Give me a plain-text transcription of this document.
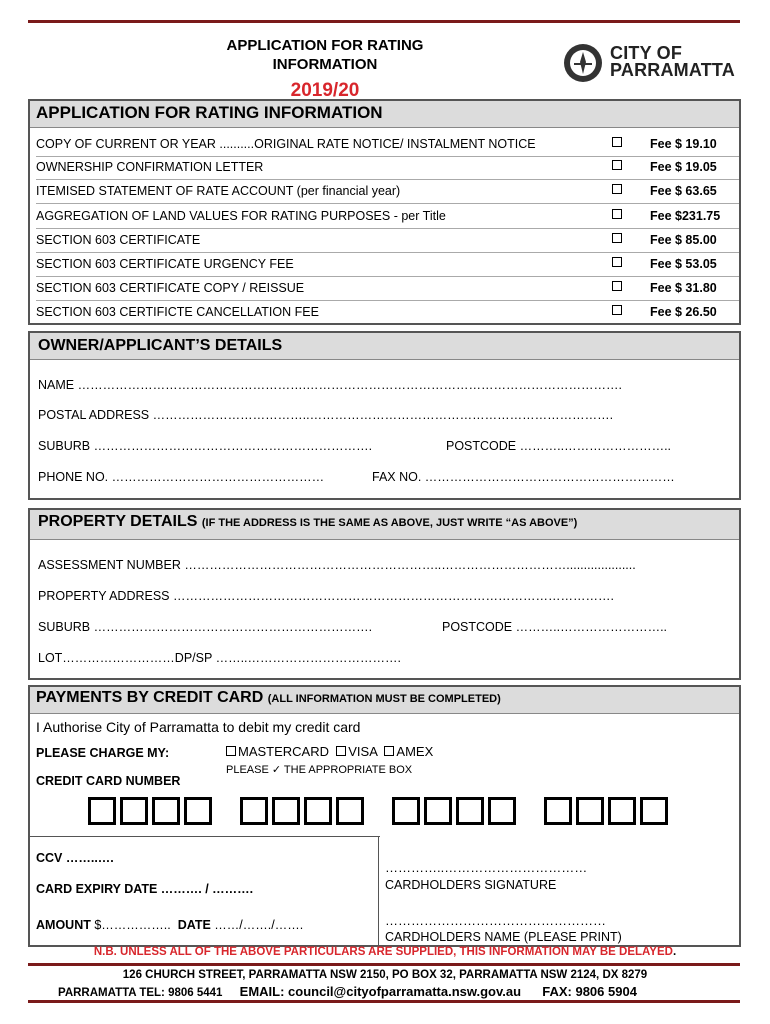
APPLICATION FOR RATING
INFORMATION
2019/20
CITY OF
PARRAMATTA
APPLICATION FOR RATING INFORMATION
COPY OF CURRENT OR YEAR ..........ORIGINAL RATE NOTICE/ INSTALMENT NOTICE	Fee $ 19.10
OWNERSHIP CONFIRMATION LETTER	Fee $ 19.05
ITEMISED STATEMENT OF RATE ACCOUNT (per financial year)	Fee $ 63.65
AGGREGATION OF LAND VALUES FOR RATING PURPOSES - per Title	Fee $231.75
SECTION 603 CERTIFICATE	Fee $ 85.00
SECTION 603 CERTIFICATE URGENCY FEE	Fee $ 53.05
SECTION 603 CERTIFICATE COPY / REISSUE	Fee $ 31.80
SECTION 603 CERTIFICTE CANCELLATION FEE	Fee $ 26.50
OWNER/APPLICANT’S DETAILS
NAME ……………………………………………….………………………………………………………………….
POSTAL ADDRESS ………………………………..……………………………………………………………….
SUBURB ………………………………………………………….	POSTCODE ………..……………………..
PHONE NO. ……………………………………………	FAX NO. ……………………………………………………
PROPERTY DETAILS (IF THE ADDRESS IS THE SAME AS ABOVE, JUST WRITE “AS ABOVE”)
ASSESSMENT NUMBER ……………………………………………………..…………………………....................
PROPERTY ADDRESS …………………………………………………………………………………………….
SUBURB ………………………………………………………….	POSTCODE ………..……………………..
LOT………………………DP/SP ……..……………………………….
PAYMENTS BY CREDIT CARD (ALL INFORMATION MUST BE COMPLETED)
I Authorise City of Parramatta to debit my credit card
PLEASE CHARGE MY:	MASTERCARD VISA AMEX
PLEASE ✓ THE APPROPRIATE BOX
CREDIT CARD NUMBER
CCV ……..….
CARD EXPIRY DATE ………. / ……….
AMOUNT $…………….. DATE ……/……./…….
…………..……………………………
CARDHOLDERS SIGNATURE
……………………………………………
CARDHOLDERS NAME (PLEASE PRINT)
N.B. UNLESS ALL OF THE ABOVE PARTICULARS ARE SUPPLIED, THIS INFORMATION MAY BE DELAYED.
126 CHURCH STREET, PARRAMATTA NSW 2150, PO BOX 32, PARRAMATTA NSW 2124, DX 8279
PARRAMATTA TEL: 9806 5441 EMAIL: council@cityofparramatta.nsw.gov.au FAX: 9806 5904
